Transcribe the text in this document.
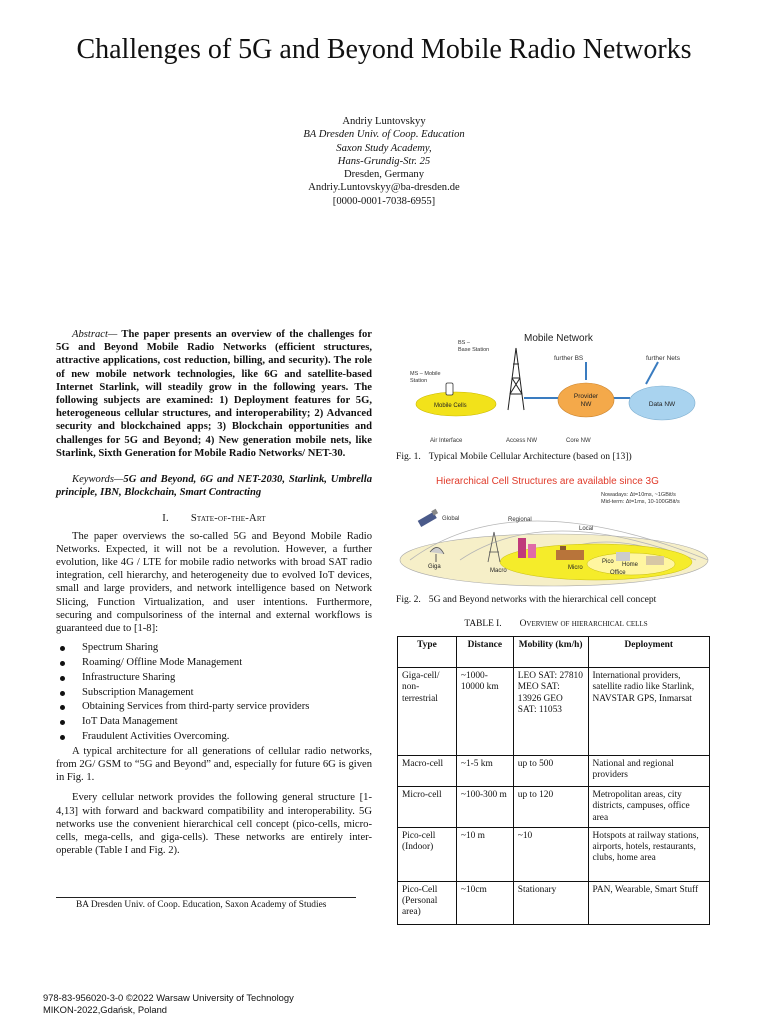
Challenges of 5G and Beyond Mobile Radio Networks
Andriy Luntovskyy
BA Dresden Univ. of Coop. Education
Saxon Study Academy,
Hans-Grundig-Str. 25
Dresden, Germany
Andriy.Luntovskyy@ba-dresden.de
[0000-0001-7038-6955]

Abstract— The paper presents an overview of the challenges for 5G and Beyond Mobile Radio Networks (efficient structures, attractive applications, cost reduction, billing, and security). The role of new mobile network technologies, like 6G and satellite-based Internet Starlink, will steadily grow in the following years. The following subjects are examined: 1) Deployment features for 5G, heterogeneous cellular structures, and interoperability; 2) Advanced security and blockchained apps; 3) Blockchain opportunities and challenges for 5G and Beyond; 4) New generation mobile nets, like Starlink, Sixth Generation for Mobile Radio Networks/ NET-30.

Keywords—5G and Beyond, 6G and NET-2030, Starlink, Umbrella principle, IBN, Blockchain, Smart Contracting

I. State-of-the-Art

The paper overviews the so-called 5G and Beyond Mobile Radio Networks. Expected, it will not be a revolution. However, a further evolution, like 4G / LTE for mobile radio networks with broad SAT radio integration, cell hierarchy, and heterogeneity due to evolved IoT devices, small and large providers, and network intelligence based on Network Slicing, Function Virtualization, and user intentions. Furthermore, securing and compulsoriness of the internal and external workflows is guaranteed due to [1-8]:

Spectrum Sharing
Roaming/ Offline Mode Management
Infrastructure Sharing
Subscription Management
Obtaining Services from third-party service providers
IoT Data Management
Fraudulent Activities Overcoming.

A typical architecture for all generations of cellular radio networks, from 2G/ GSM to “5G and Beyond” and, especially for future 6G is given in Fig. 1.

Every cellular network provides the following general structure [1-4,13] with forward and backward compatibility and interoperability. 5G networks use the convenient hierarchical cell concept (pico-cells, micro-cells, mega-cells, and giga-cells). These networks are entirely inter-operable (Table I and Fig. 2).

BA Dresden Univ. of Coop. Education, Saxon Academy of Studies
978-83-956020-3-0 ©2022 Warsaw University of Technology
MIKON-2022,Gdańsk, Poland
Mobile Network
BS –
Base Station
MS – Mobile
Station
Mobile Cells
further BS	further Nets
Provider
NW	Data NW
Air Interface	Access NW	Core NW
Fig. 1. Typical Mobile Cellular Architecture (based on [13])
Hierarchical Cell Structures are available since 3G
Nowadays: Δt=10ms, ~1GBit/s
Mid-term: Δt=1ms, 10-100GBit/s
Global	Regional
Local
Giga
Macro	Micro
Pico Home
Office
Fig. 2. 5G and Beyond networks with the hierarchical cell concept
TABLE I. Overview of hierarchical cells
Type	Distance	Mobility (km/h)	Deployment
Giga-cell/ non-terrestrial	~1000-10000 km	LEO SAT: 27810 MEO SAT: 13926 GEO SAT: 11053	International providers, satellite radio like Starlink, NAVSTAR GPS, Inmarsat
Macro-cell	~1-5 km	up to 500	National and regional providers
Micro-cell	~100-300 m	up to 120	Metropolitan areas, city districts, campuses, office area
Pico-cell (Indoor)	~10 m	~10	Hotspots at railway stations, airports, hotels, restaurants, clubs, home area
Pico-Cell (Personal area)	~10cm	Stationary	PAN, Wearable, Smart Stuff
